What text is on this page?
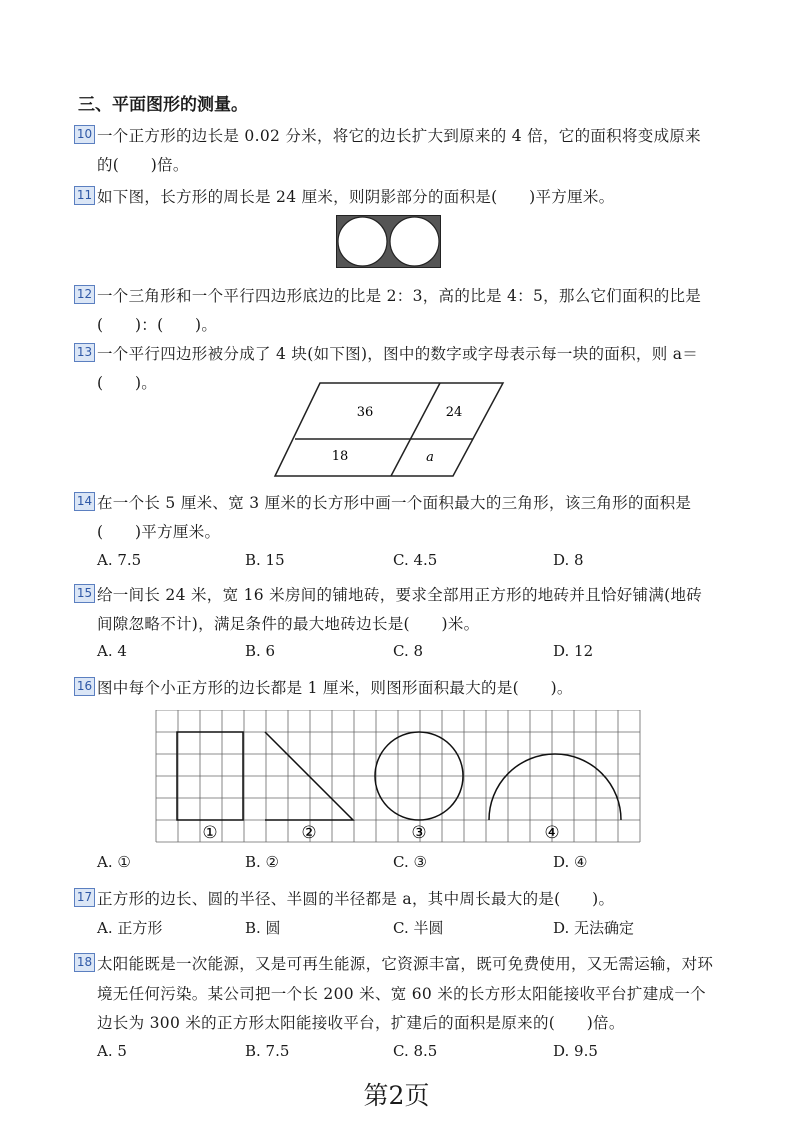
三、平面图形的测量。
10 一个正方形的边长是 0.02 分米，将它的边长扩大到原来的 4 倍，它的面积将变成原来
的(　　)倍。
11 如下图，长方形的周长是 24 厘米，则阴影部分的面积是(　　)平方厘米。
12 一个三角形和一个平行四边形底边的比是 2：3，高的比是 4：5，那么它们面积的比是
(　　)：(　　)。
13 一个平行四边形被分成了 4 块(如下图)，图中的数字或字母表示每一块的面积，则 a＝
(　　)。
36	24
18	a
14 在一个长 5 厘米、宽 3 厘米的长方形中画一个面积最大的三角形，该三角形的面积是
(　　)平方厘米。
A. 7.5	B. 15	C. 4.5	D. 8
15 给一间长 24 米，宽 16 米房间的铺地砖，要求全部用正方形的地砖并且恰好铺满(地砖
间隙忽略不计)，满足条件的最大地砖边长是(　　)米。
A. 4	B. 6	C. 8	D. 12
16 图中每个小正方形的边长都是 1 厘米，则图形面积最大的是(　　)。
①	②	③	④
A. ①	B. ②	C. ③	D. ④
17 正方形的边长、圆的半径、半圆的半径都是 a，其中周长最大的是(　　)。
A. 正方形	B. 圆	C. 半圆	D. 无法确定
18 太阳能既是一次能源，又是可再生能源，它资源丰富，既可免费使用，又无需运输，对环
境无任何污染。某公司把一个长 200 米、宽 60 米的长方形太阳能接收平台扩建成一个
边长为 300 米的正方形太阳能接收平台，扩建后的面积是原来的(　　)倍。
A. 5	B. 7.5	C. 8.5	D. 9.5
第2页
